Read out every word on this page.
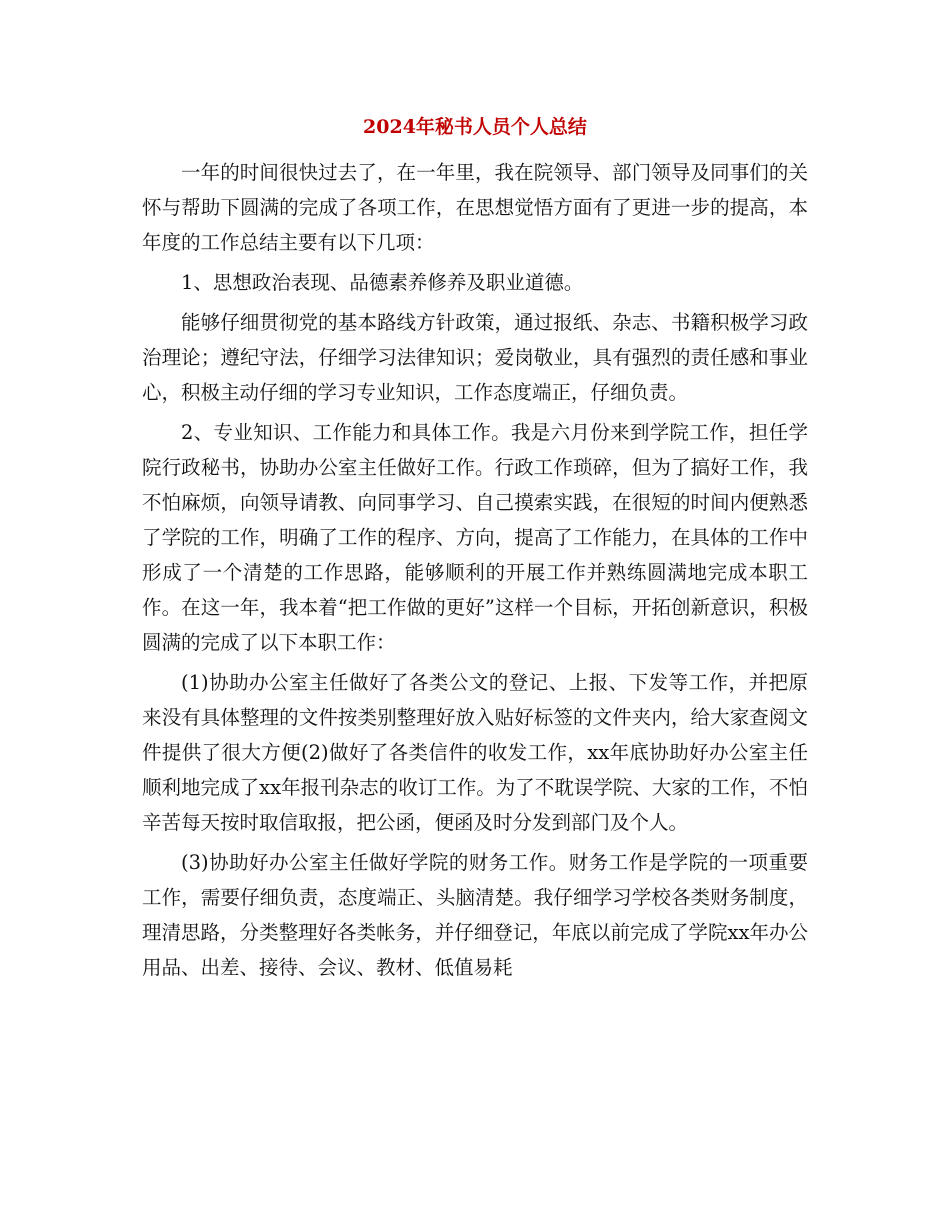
2024年秘书人员个人总结

一年的时间很快过去了，在一年里，我在院领导、部门领导及同事们的关怀与帮助下圆满的完成了各项工作，在思想觉悟方面有了更进一步的提高，本年度的工作总结主要有以下几项：

1、思想政治表现、品德素养修养及职业道德。

能够仔细贯彻党的基本路线方针政策，通过报纸、杂志、书籍积极学习政治理论；遵纪守法，仔细学习法律知识；爱岗敬业，具有强烈的责任感和事业心，积极主动仔细的学习专业知识，工作态度端正，仔细负责。

2、专业知识、工作能力和具体工作。我是六月份来到学院工作，担任学院行政秘书，协助办公室主任做好工作。行政工作琐碎，但为了搞好工作，我不怕麻烦，向领导请教、向同事学习、自己摸索实践，在很短的时间内便熟悉了学院的工作，明确了工作的程序、方向，提高了工作能力，在具体的工作中形成了一个清楚的工作思路，能够顺利的开展工作并熟练圆满地完成本职工作。在这一年，我本着“把工作做的更好”这样一个目标，开拓创新意识，积极圆满的完成了以下本职工作：

(1)协助办公室主任做好了各类公文的登记、上报、下发等工作，并把原来没有具体整理的文件按类别整理好放入贴好标签的文件夹内，给大家查阅文件提供了很大方便(2)做好了各类信件的收发工作，xx年底协助好办公室主任顺利地完成了xx年报刊杂志的收订工作。为了不耽误学院、大家的工作，不怕辛苦每天按时取信取报，把公函，便函及时分发到部门及个人。

(3)协助好办公室主任做好学院的财务工作。财务工作是学院的一项重要工作，需要仔细负责，态度端正、头脑清楚。我仔细学习学校各类财务制度，理清思路，分类整理好各类帐务，并仔细登记，年底以前完成了学院xx年办公用品、出差、接待、会议、教材、低值易耗
